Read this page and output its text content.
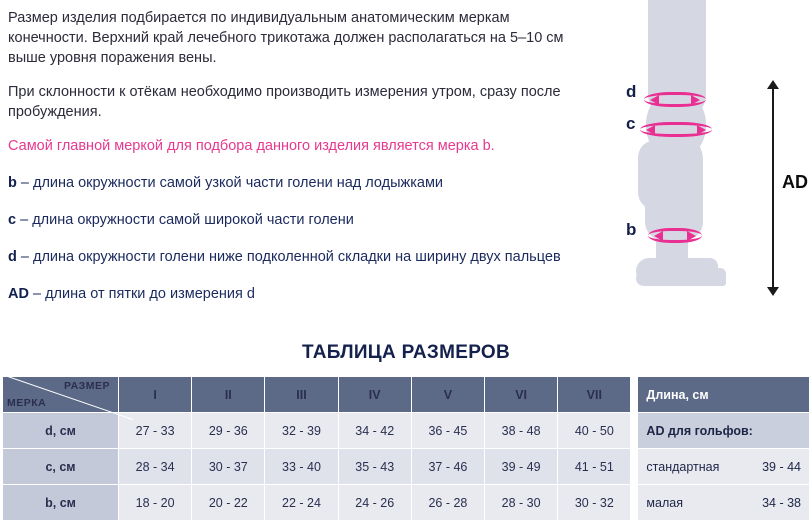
Размер изделия подбирается по индивидуальным анатомическим меркам конечности. Верхний край лечебного трикотажа должен располагаться на 5–10 см выше уровня поражения вены.
При склонности к отёкам необходимо производить измерения утром, сразу после пробуждения.
Самой главной меркой для подбора данного изделия является мерка b.
b – длина окружности самой узкой части голени над лодыжками
c – длина окружности самой широкой части голени
d – длина окружности голени ниже подколенной складки на ширину двух пальцев
AD – длина от пятки до измерения d
d
c
b
AD
ТАБЛИЦА РАЗМЕРОВ
РАЗМЕР
МЕРКА	I	II	III	IV	V	VI	VII
d, см	27 - 33	29 - 36	32 - 39	34 - 42	36 - 45	38 - 48	40 - 50
c, см	28 - 34	30 - 37	33 - 40	35 - 43	37 - 46	39 - 49	41 - 51
b, см	18 - 20	20 - 22	22 - 24	24 - 26	26 - 28	28 - 30	30 - 32
Длина, см
AD для гольфов:

стандартная	39 - 44

малая	34 - 38
